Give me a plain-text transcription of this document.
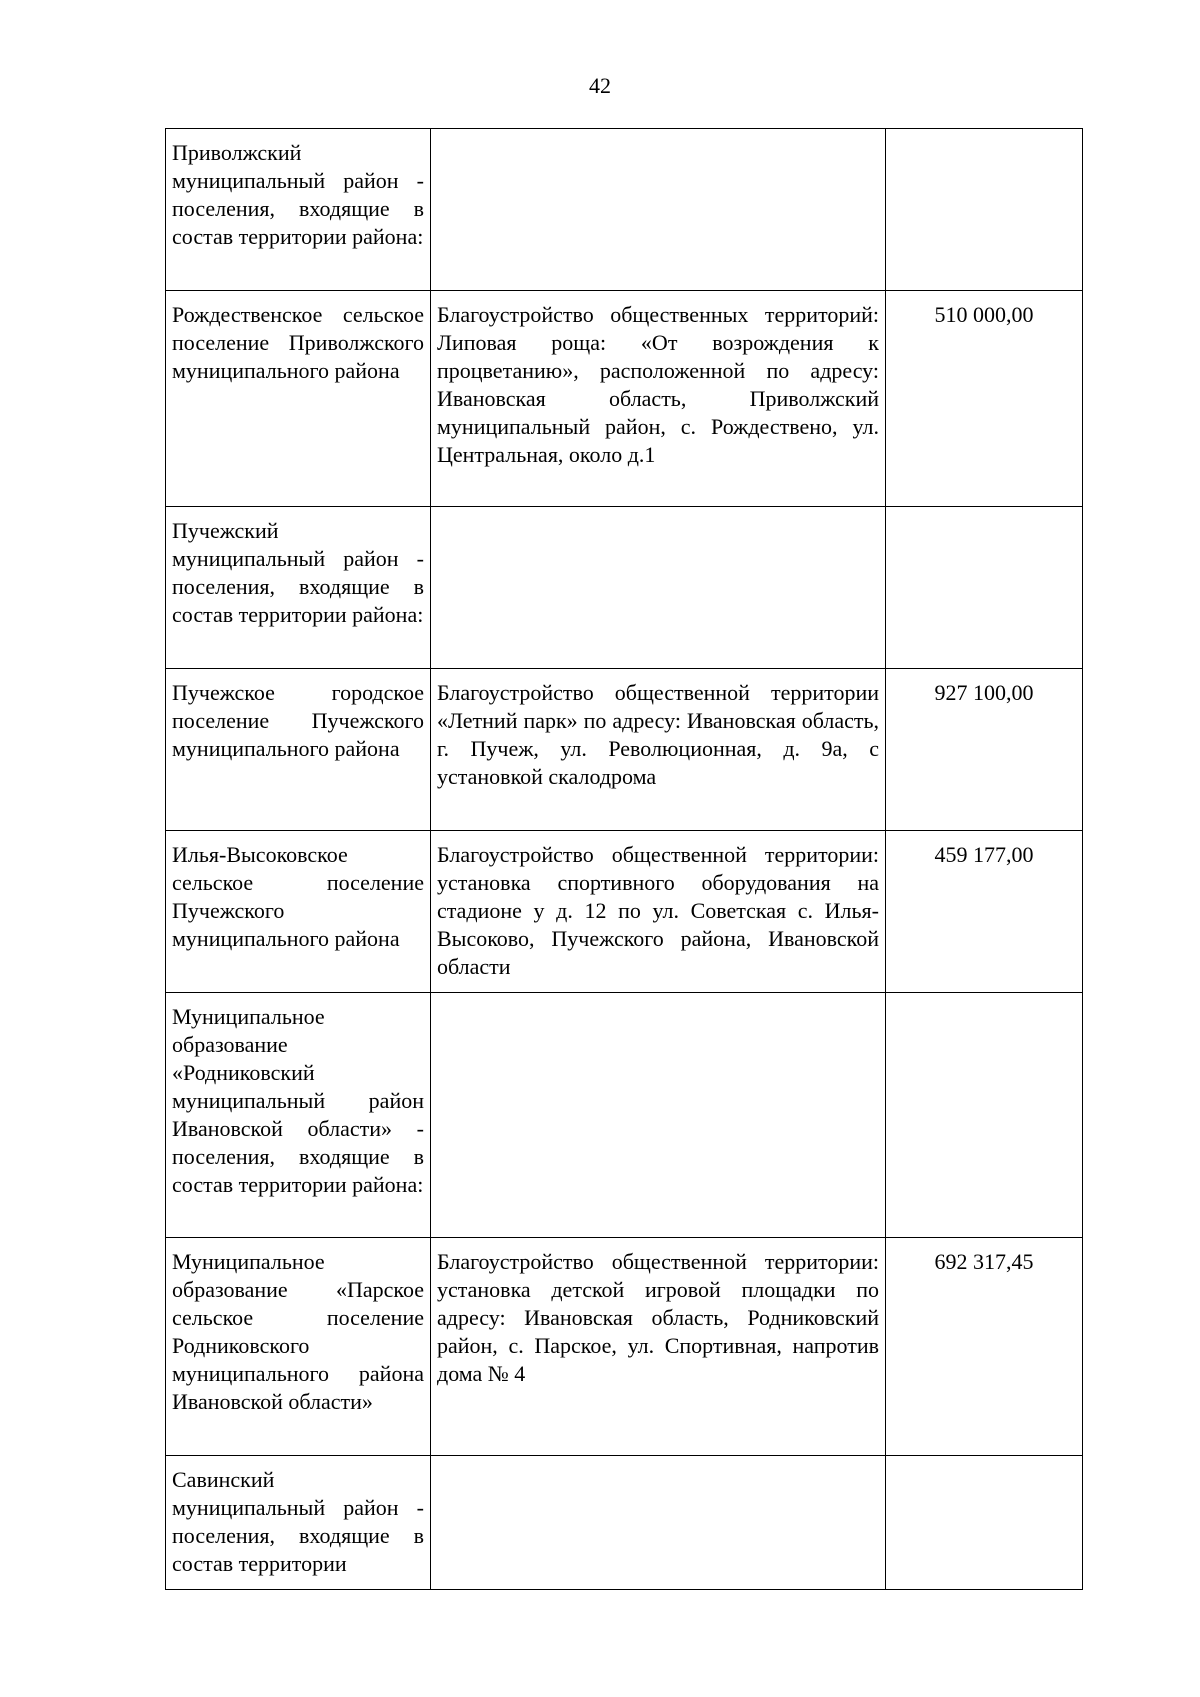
42
Приволжский муниципальный район - поселения, входящие в состав территории района:		
Рождественское сельское поселение Приволжского муниципального района	Благоустройство общественных территорий: Липовая роща: «От возрождения к процветанию», расположенной по адресу: Ивановская область, Приволжский муниципальный район, с. Рождествено, ул. Центральная, около д.1	510 000,00
Пучежский муниципальный район - поселения, входящие в состав территории района:		
Пучежское городское поселение Пучежского муниципального района	Благоустройство общественной территории «Летний парк» по адресу: Ивановская область, г. Пучеж, ул. Революционная, д. 9а, с установкой скалодрома	927 100,00
Илья-Высоковское сельское поселение Пучежского муниципального района	Благоустройство общественной территории: установка спортивного оборудования на стадионе у д. 12 по ул. Советская с. Илья-Высоково, Пучежского района, Ивановской области	459 177,00
Муниципальное образование «Родниковский муниципальный район Ивановской области» - поселения, входящие в состав территории района:		
Муниципальное образование «Парское сельское поселение Родниковского муниципального района Ивановской области»	Благоустройство общественной территории: установка детской игровой площадки по адресу: Ивановская область, Родниковский район, с. Парское, ул. Спортивная, напротив дома № 4	692 317,45
Савинский муниципальный район - поселения, входящие в состав территории		
